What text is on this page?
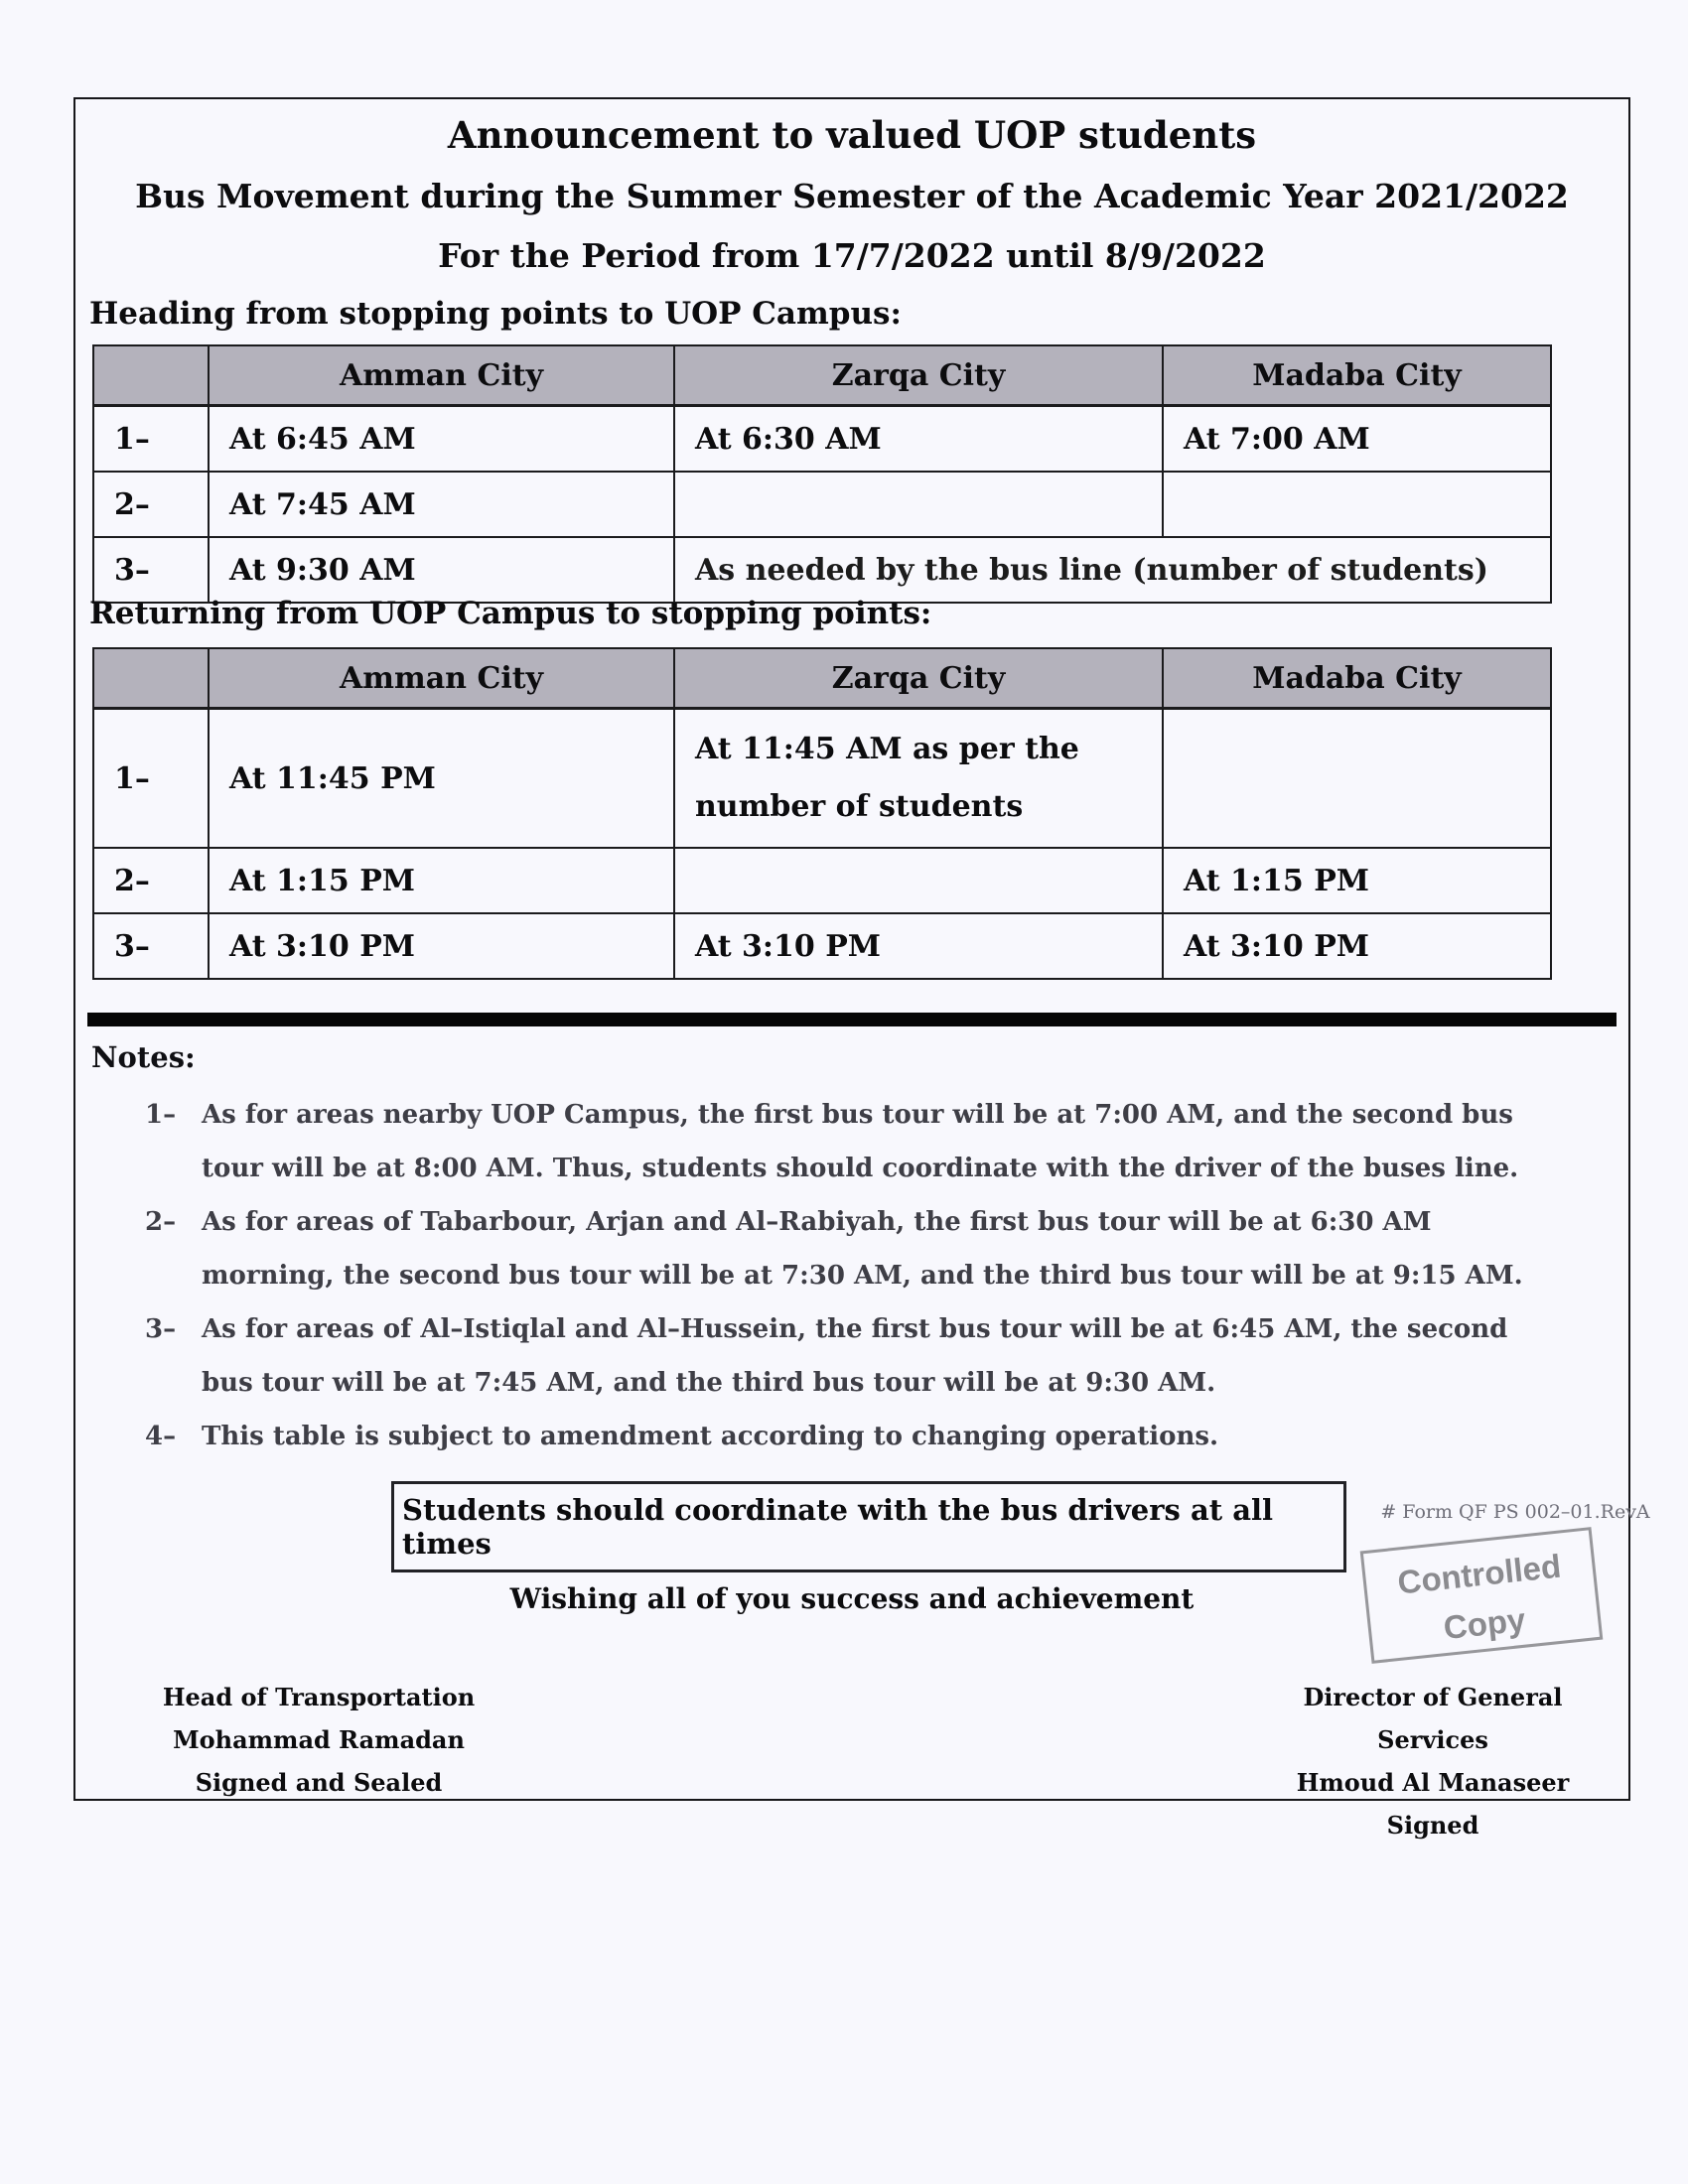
Announcement to valued UOP students
Bus Movement during the Summer Semester of the Academic Year 2021/2022
For the Period from 17/7/2022 until 8/9/2022
Heading from stopping points to UOP Campus:
	Amman City	Zarqa City	Madaba City
1–	At 6:45 AM	At 6:30 AM	At 7:00 AM
2–	At 7:45 AM		
3–	At 9:30 AM	As needed by the bus line (number of students)	
Returning from UOP Campus to stopping points:
	Amman City	Zarqa City	Madaba City
1–	At 11:45 PM	At 11:45 AM as per the number of students	
2–	At 1:15 PM		At 1:15 PM
3–	At 3:10 PM	At 3:10 PM	At 3:10 PM
Notes:
1– As for areas nearby UOP Campus, the first bus tour will be at 7:00 AM, and the second bus tour will be at 8:00 AM. Thus, students should coordinate with the driver of the buses line.
2– As for areas of Tabarbour, Arjan and Al–Rabiyah, the first bus tour will be at 6:30 AM morning, the second bus tour will be at 7:30 AM, and the third bus tour will be at 9:15 AM.
3– As for areas of Al–Istiqlal and Al–Hussein, the first bus tour will be at 6:45 AM, the second bus tour will be at 7:45 AM, and the third bus tour will be at 9:30 AM.
4– This table is subject to amendment according to changing operations.
Students should coordinate with the bus drivers at all times
# Form QF PS 002–01.RevA
Controlled
Copy
Wishing all of you success and achievement
Head of Transportation
Mohammad Ramadan
Signed and Sealed
Director of General Services
Hmoud Al Manaseer
Signed
